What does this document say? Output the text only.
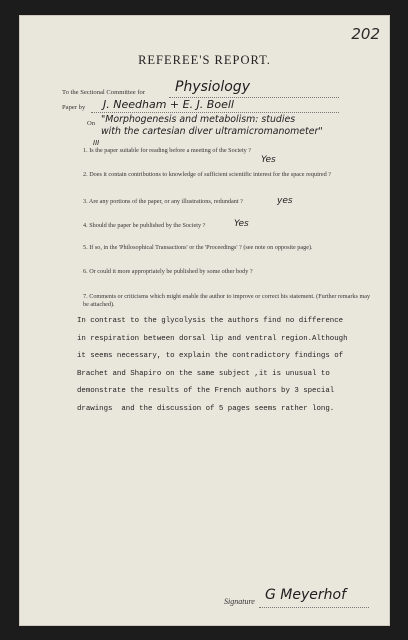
202
REFEREE'S REPORT.
To the Sectional Committee for Physiology
Paper by J. Needham + E. J. Boell
On "Morphogenesis and metabolism: studies
with the cartesian diver ultramicromanometer"
III
1. Is the paper suitable for reading before a meeting of the Society ?
Yes
2. Does it contain contributions to knowledge of sufficient scientific interest for the space required ?
3. Are any portions of the paper, or any illustrations, redundant ?	yes
4. Should the paper be published by the Society ?	Yes
5. If so, in the 'Philosophical Transactions' or the 'Proceedings' ? (see note on opposite page).
6. Or could it more appropriately be published by some other body ?
7. Comments or criticisms which might enable the author to improve or correct his statement. (Further remarks may be attached).
In contrast to the glycolysis the authors find no difference
in respiration between dorsal lip and ventral region.Although
it seems necessary, to explain the contradictory findings of
Brachet and Shapiro on the same subject ,it is unusual to
demonstrate the results of the French authors by 3 special
drawings  and the discussion of 5 pages seems rather long.
Signature G Meyerhof
